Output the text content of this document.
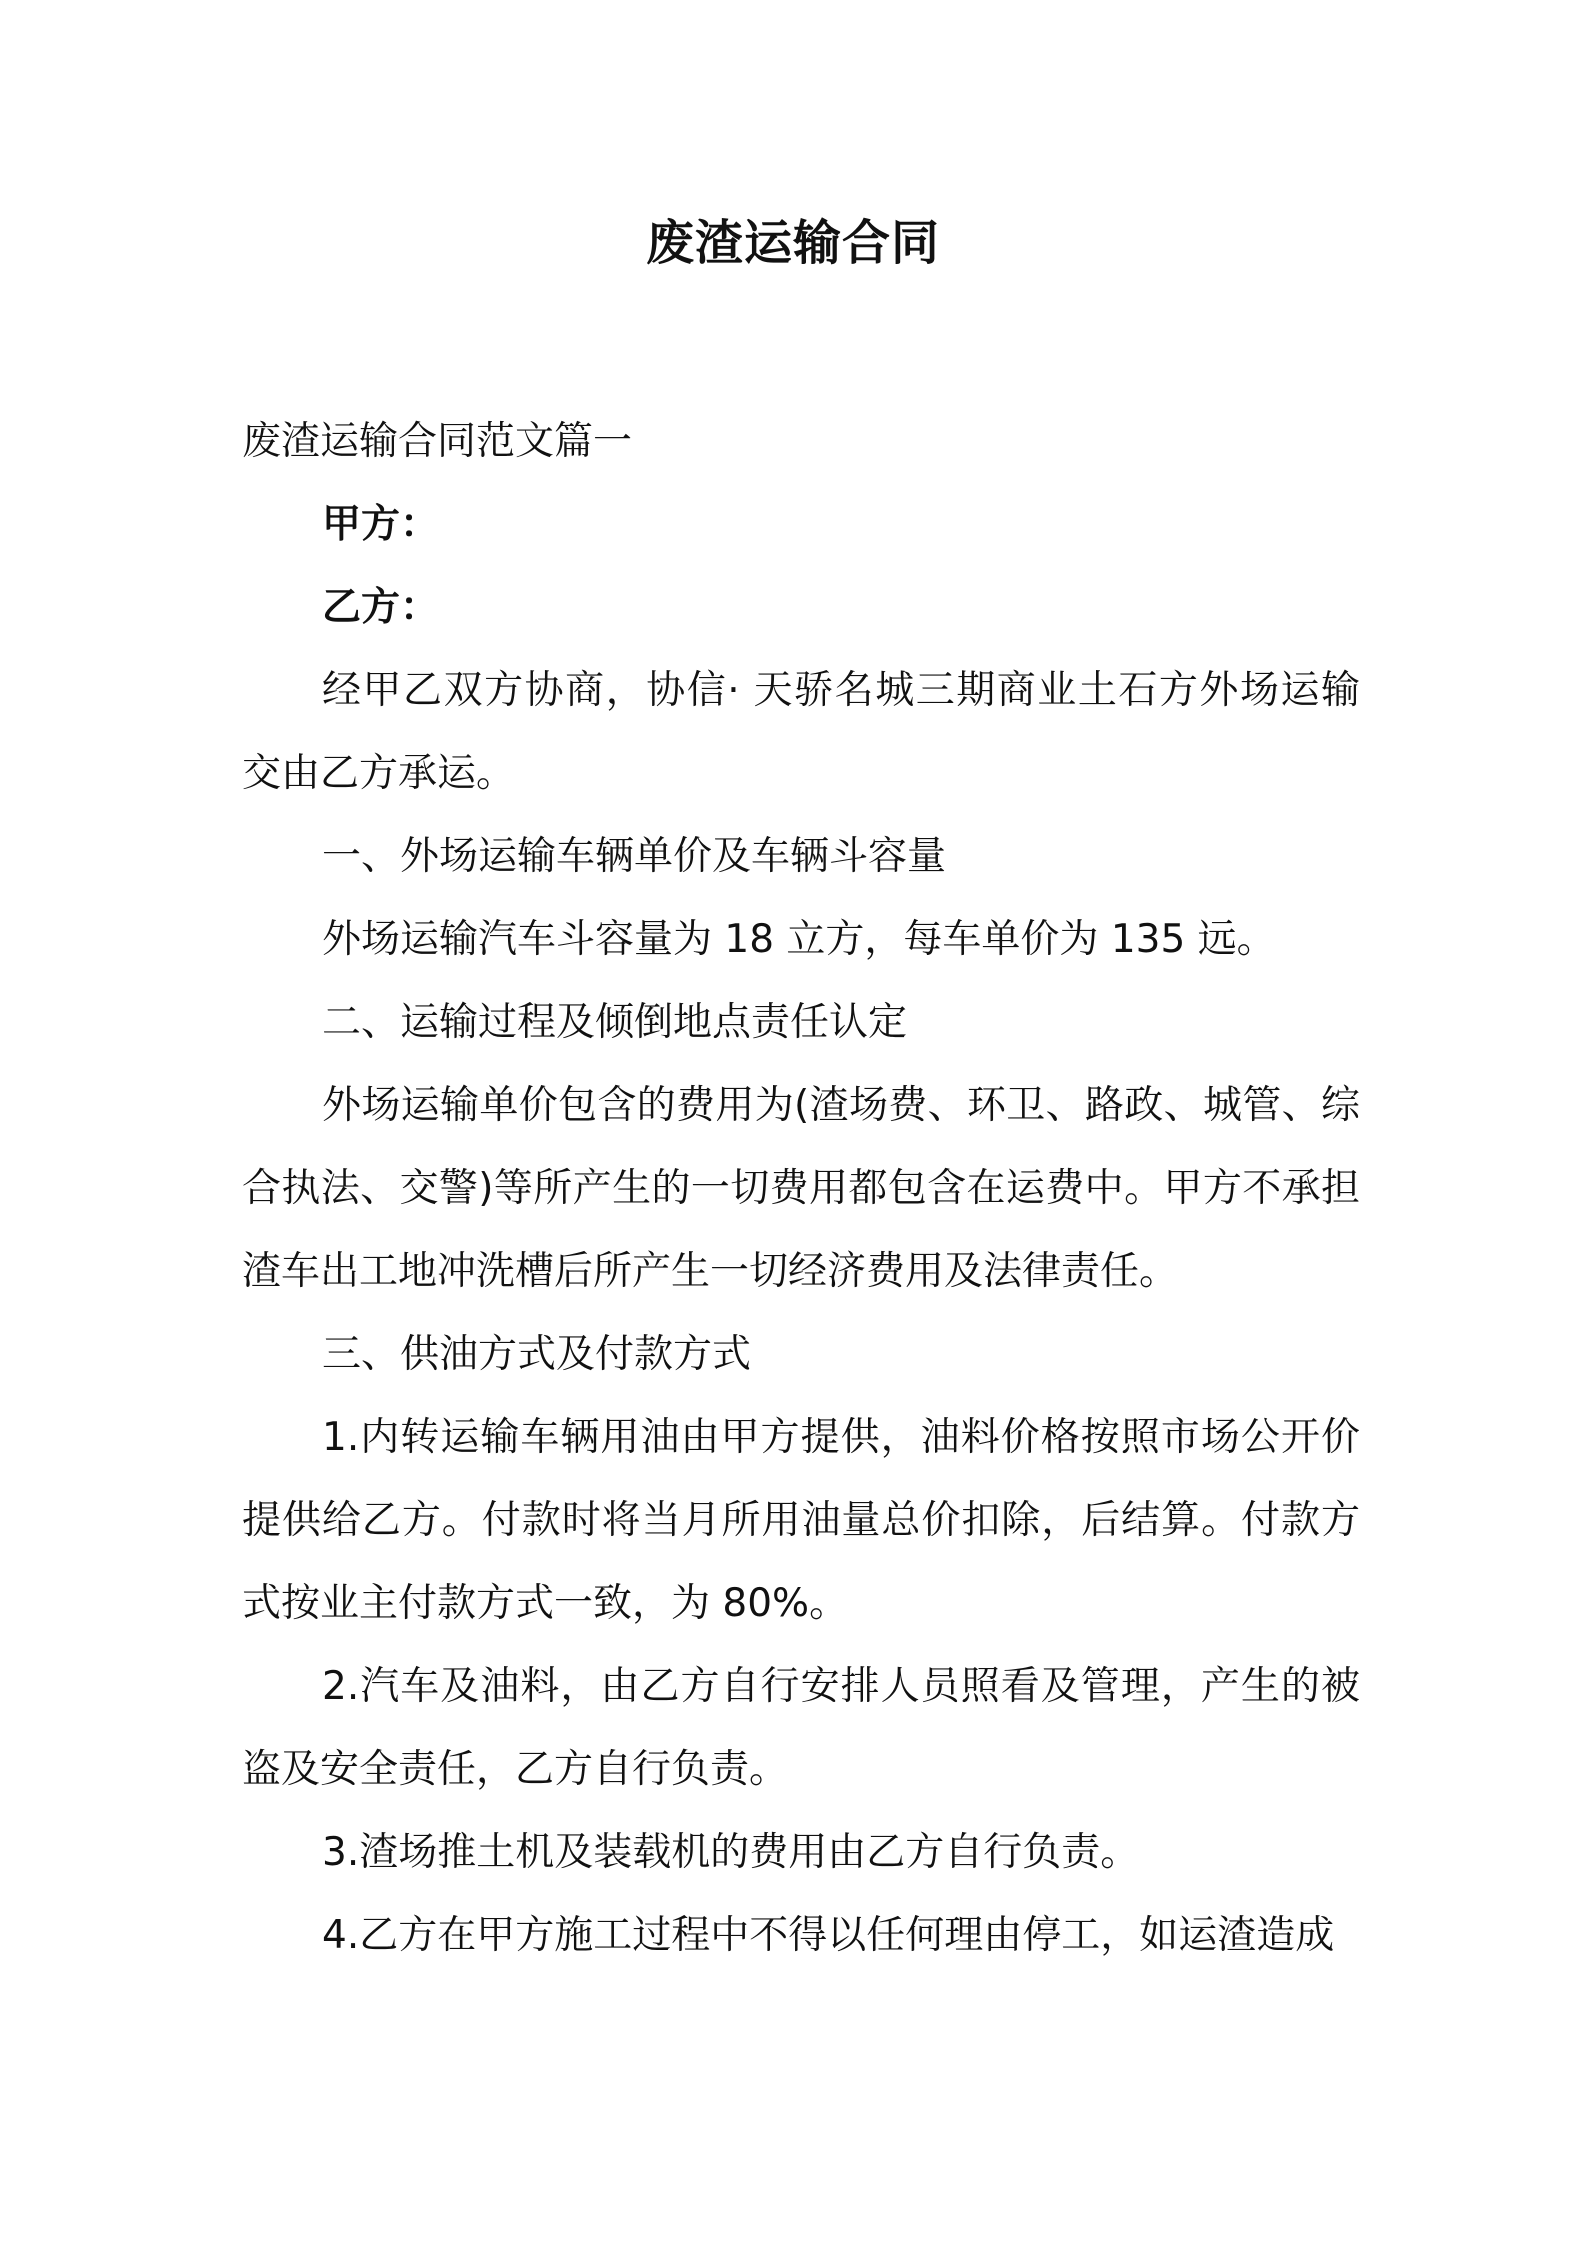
废渣运输合同

废渣运输合同范文篇一

甲方：

乙方：

经甲乙双方协商，协信· 天骄名城三期商业土石方外场运输交由乙方承运。

一、外场运输车辆单价及车辆斗容量

外场运输汽车斗容量为 18 立方，每车单价为 135 远。

二、运输过程及倾倒地点责任认定

外场运输单价包含的费用为(渣场费、环卫、路政、城管、综合执法、交警)等所产生的一切费用都包含在运费中。甲方不承担渣车出工地冲洗槽后所产生一切经济费用及法律责任。

三、供油方式及付款方式

1.内转运输车辆用油由甲方提供，油料价格按照市场公开价提供给乙方。付款时将当月所用油量总价扣除，后结算。付款方式按业主付款方式一致，为 80%。

2.汽车及油料，由乙方自行安排人员照看及管理，产生的被盗及安全责任，乙方自行负责。

3.渣场推土机及装载机的费用由乙方自行负责。

4.乙方在甲方施工过程中不得以任何理由停工，如运渣造成
